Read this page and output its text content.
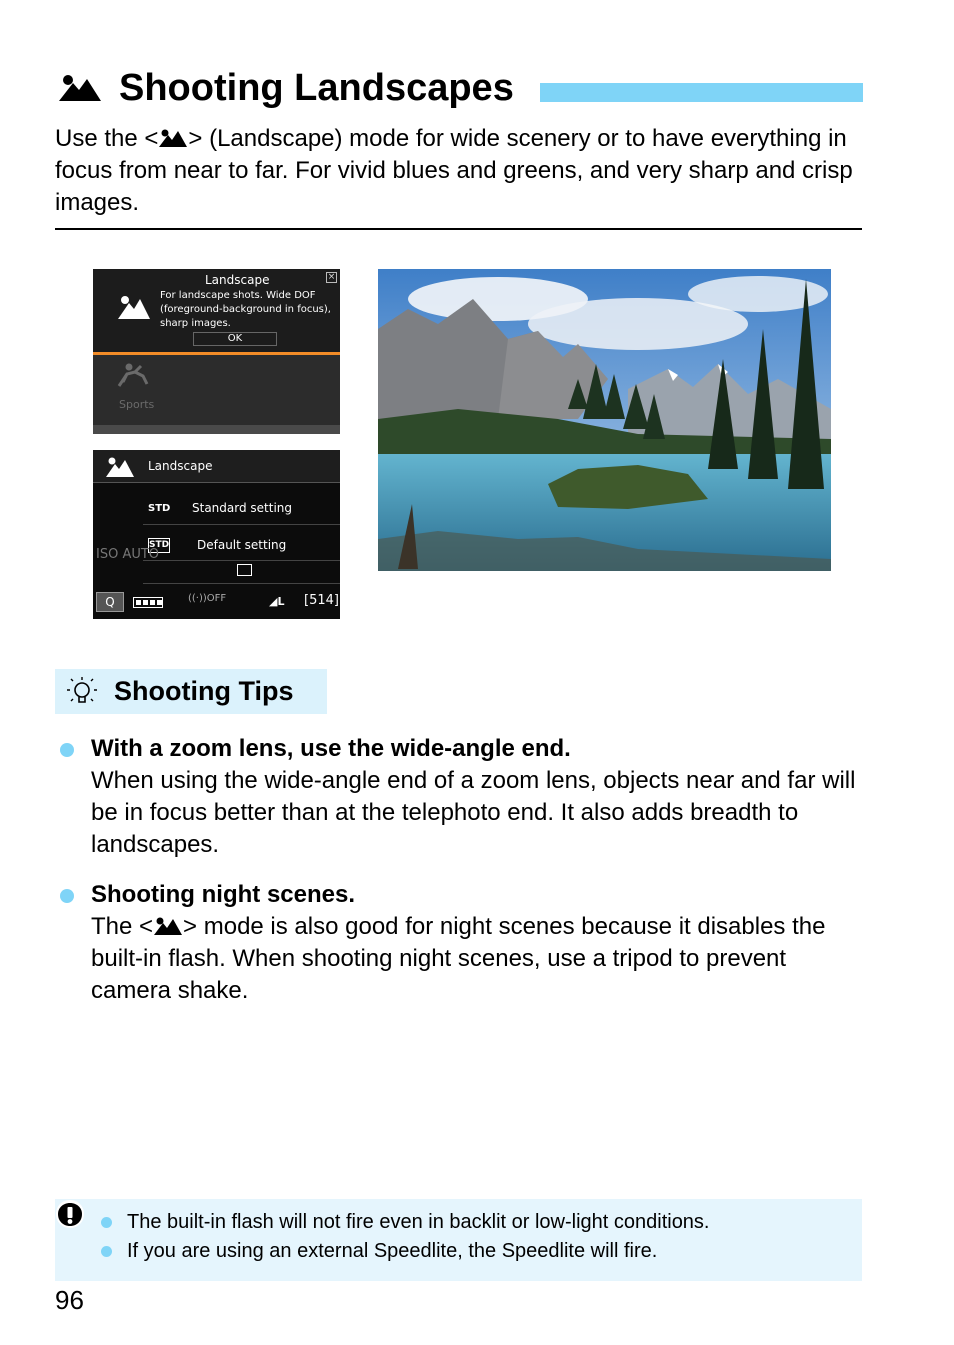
Shooting Landscapes
Use the < > (Landscape) mode for wide scenery or to have everything in focus from near to far. For vivid blues and greens, and very sharp and crisp images.
Landscape	×
For landscape shots. Wide DOF (foreground-background in focus), sharp images.
OK
Sports
Landscape
STD Standard setting
STD Default setting
ISO AUTO
Q	((·))OFF	◢L [514]
Shooting Tips
With a zoom lens, use the wide-angle end.
When using the wide-angle end of a zoom lens, objects near and far will be in focus better than at the telephoto end. It also adds breadth to landscapes.
Shooting night scenes.
The < > mode is also good for night scenes because it disables the built-in flash. When shooting night scenes, use a tripod to prevent camera shake.
The built-in flash will not fire even in backlit or low-light conditions.
If you are using an external Speedlite, the Speedlite will fire.
96
